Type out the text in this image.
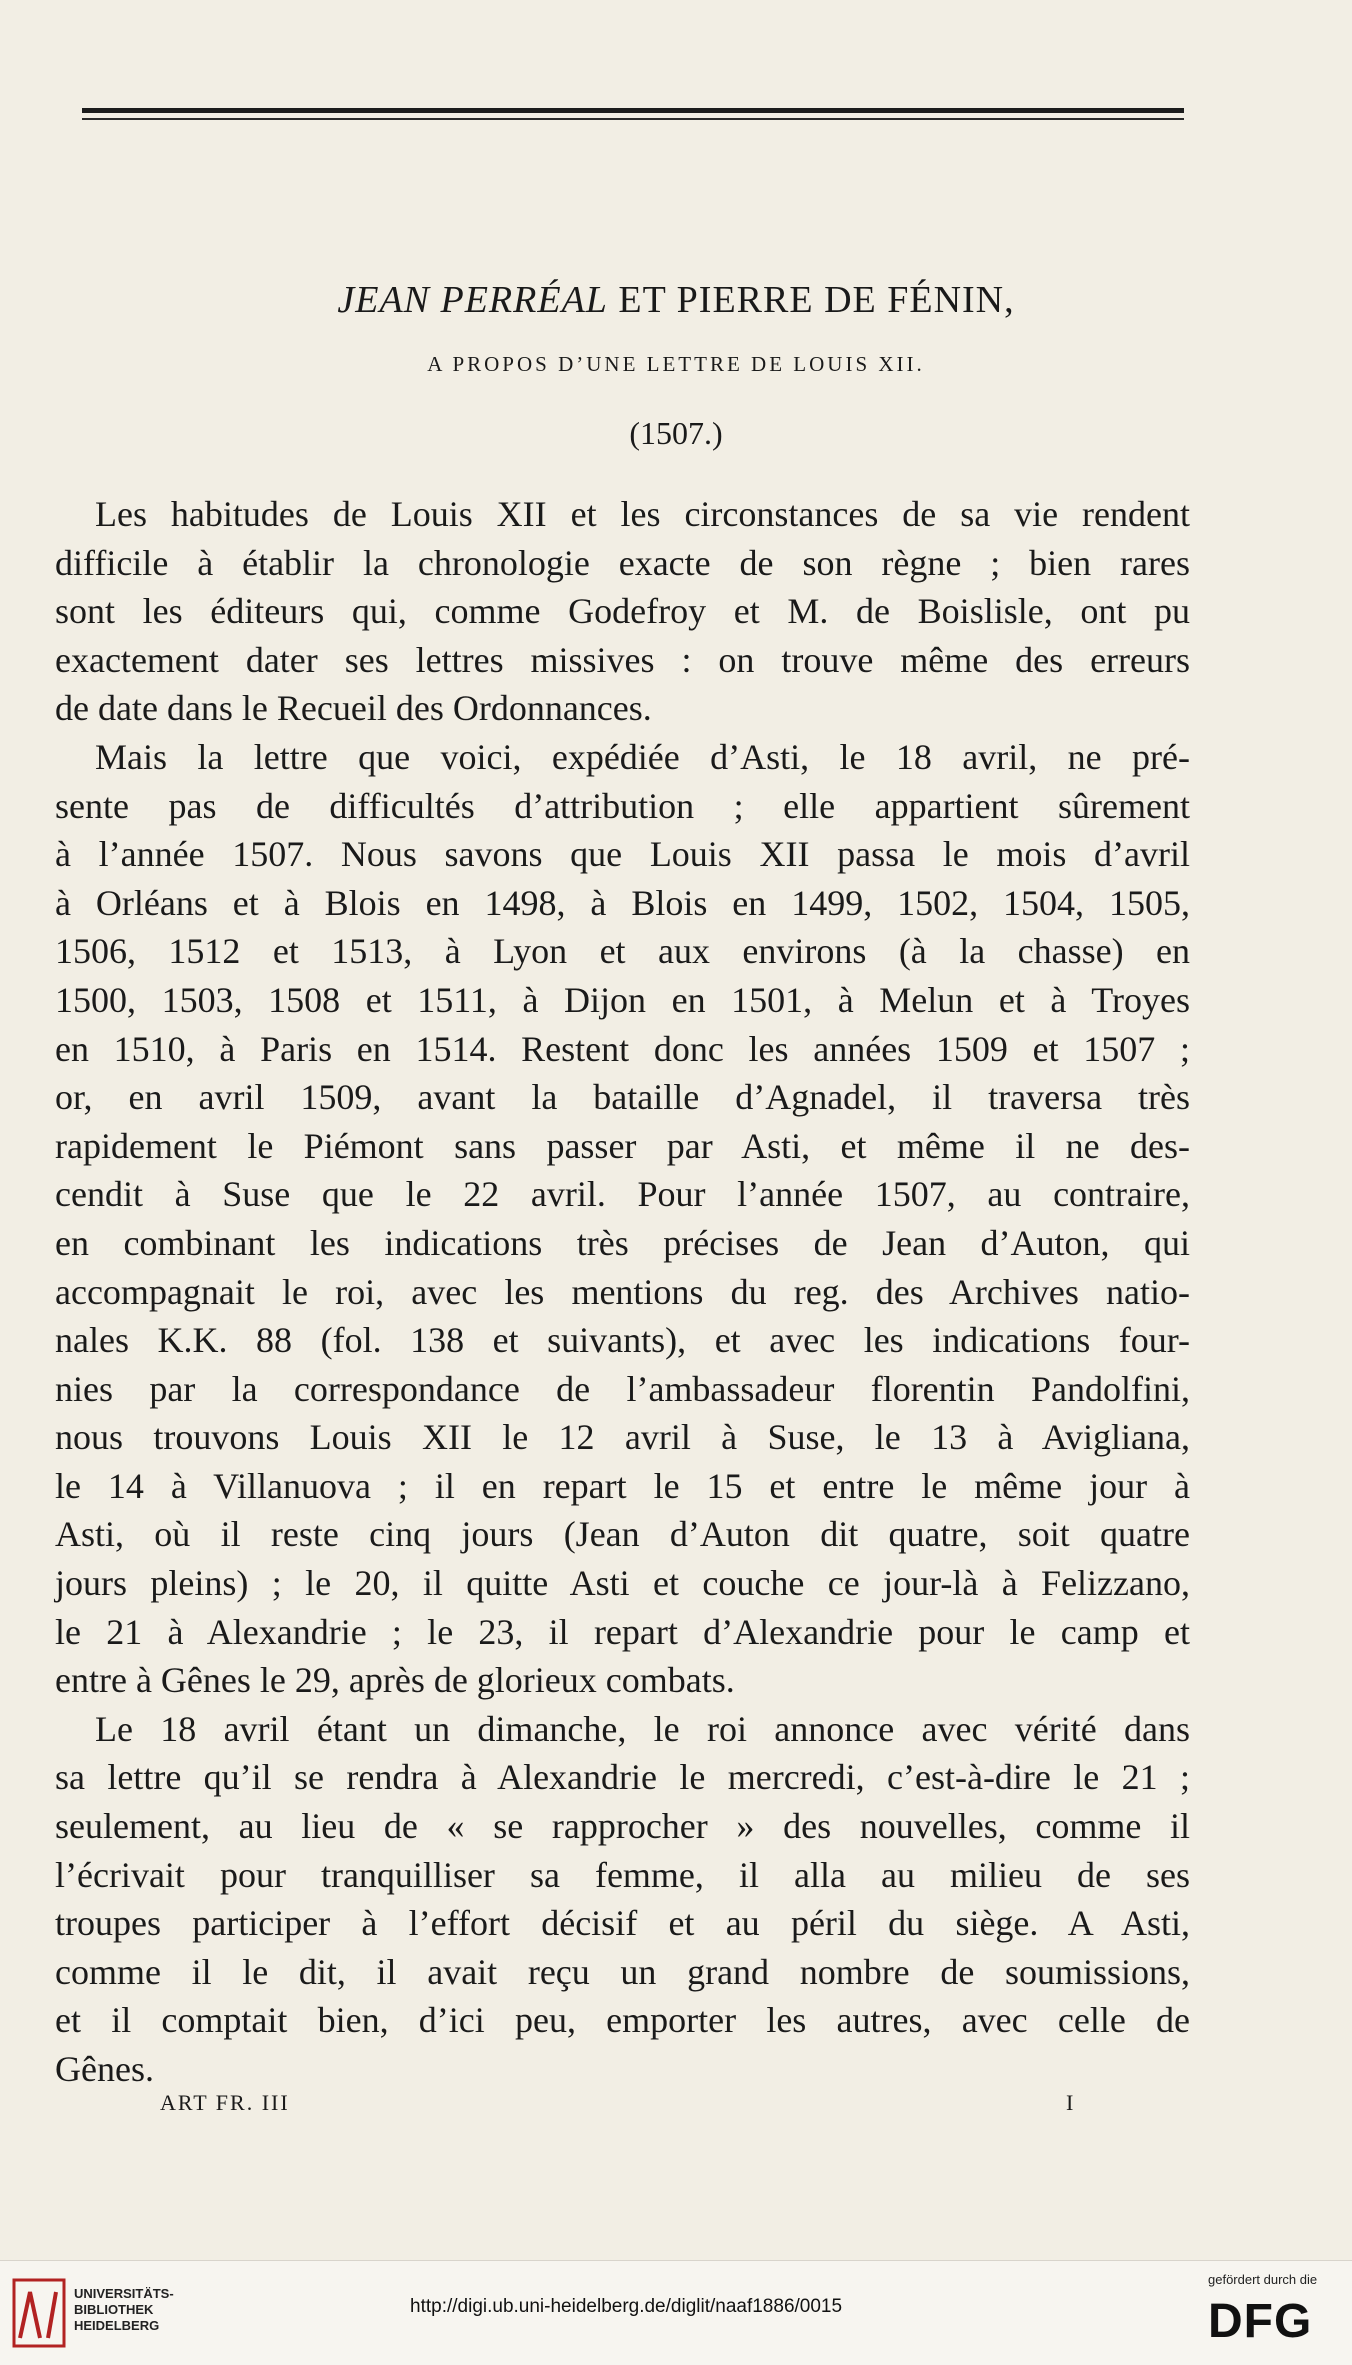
JEAN PERRÉAL ET PIERRE DE FÉNIN,
A PROPOS D’UNE LETTRE DE LOUIS XII.
(1507.)

Les habitudes de Louis XII et les circonstances de sa vie rendent
difficile à établir la chronologie exacte de son règne ; bien rares
sont les éditeurs qui, comme Godefroy et M. de Boislisle, ont pu
exactement dater ses lettres missives : on trouve même des erreurs
de date dans le Recueil des Ordonnances.

Mais la lettre que voici, expédiée d’Asti, le 18 avril, ne pré-
sente pas de difficultés d’attribution ; elle appartient sûrement
à l’année 1507. Nous savons que Louis XII passa le mois d’avril
à Orléans et à Blois en 1498, à Blois en 1499, 1502, 1504, 1505,
1506, 1512 et 1513, à Lyon et aux environs (à la chasse) en
1500, 1503, 1508 et 1511, à Dijon en 1501, à Melun et à Troyes
en 1510, à Paris en 1514. Restent donc les années 1509 et 1507 ;
or, en avril 1509, avant la bataille d’Agnadel, il traversa très
rapidement le Piémont sans passer par Asti, et même il ne des-
cendit à Suse que le 22 avril. Pour l’année 1507, au contraire,
en combinant les indications très précises de Jean d’Auton, qui
accompagnait le roi, avec les mentions du reg. des Archives natio-
nales K.K. 88 (fol. 138 et suivants), et avec les indications four-
nies par la correspondance de l’ambassadeur florentin Pandolfini,
nous trouvons Louis XII le 12 avril à Suse, le 13 à Avigliana,
le 14 à Villanuova ; il en repart le 15 et entre le même jour à
Asti, où il reste cinq jours (Jean d’Auton dit quatre, soit quatre
jours pleins) ; le 20, il quitte Asti et couche ce jour-là à Felizzano,
le 21 à Alexandrie ; le 23, il repart d’Alexandrie pour le camp et
entre à Gênes le 29, après de glorieux combats.

Le 18 avril étant un dimanche, le roi annonce avec vérité dans
sa lettre qu’il se rendra à Alexandrie le mercredi, c’est-à-dire le 21 ;
seulement, au lieu de « se rapprocher » des nouvelles, comme il
l’écrivait pour tranquilliser sa femme, il alla au milieu de ses
troupes participer à l’effort décisif et au péril du siège. A Asti,
comme il le dit, il avait reçu un grand nombre de soumissions,
et il comptait bien, d’ici peu, emporter les autres, avec celle de
Gênes.

ART FR. III	I
UNIVERSITÄTS-
BIBLIOTHEK
HEIDELBERG
http://digi.ub.uni-heidelberg.de/diglit/naaf1886/0015
gefördert durch die
DFG
